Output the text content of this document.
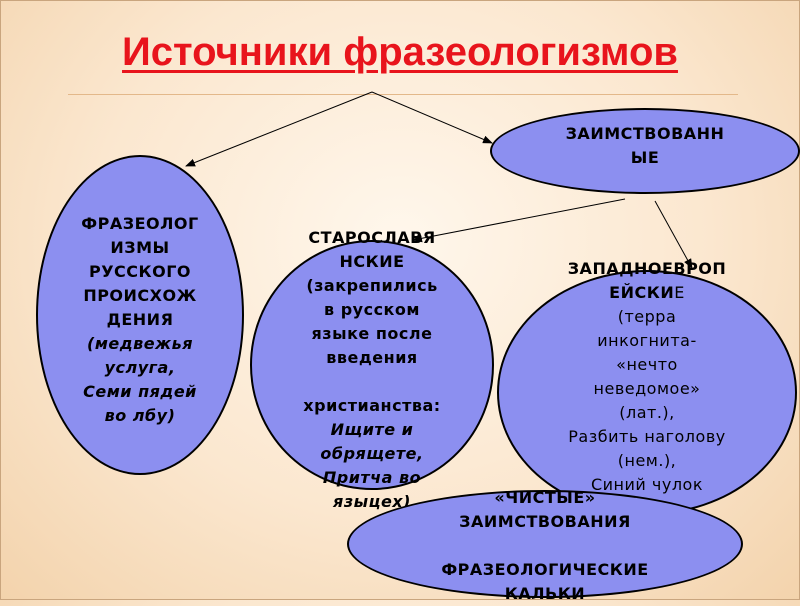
Источники фразеологизмов
ЗАИМСТВОВАНН
ЫЕ
ФРАЗЕОЛОГ
ИЗМЫ
РУССКОГО
ПРОИСХОЖ
ДЕНИЯ
(медвежья
услуга,
Семи пядей
во лбу)
СТАРОСЛАВЯ
НСКИЕ
(закрепились
в русском
языке после
введения
христианства:
Ищите и
обрящете,
Притча во
языцех)
ЗАПАДНОЕВРОП
ЕЙСКИЕ
(терра
инкогнита-
«нечто
неведомое»
(лат.),
Разбить наголову
(нем.),
Синий чулок
«ЧИСТЫЕ»
ЗАИМСТВОВАНИЯ
ФРАЗЕОЛОГИЧЕСКИЕ
КАЛЬКИ
